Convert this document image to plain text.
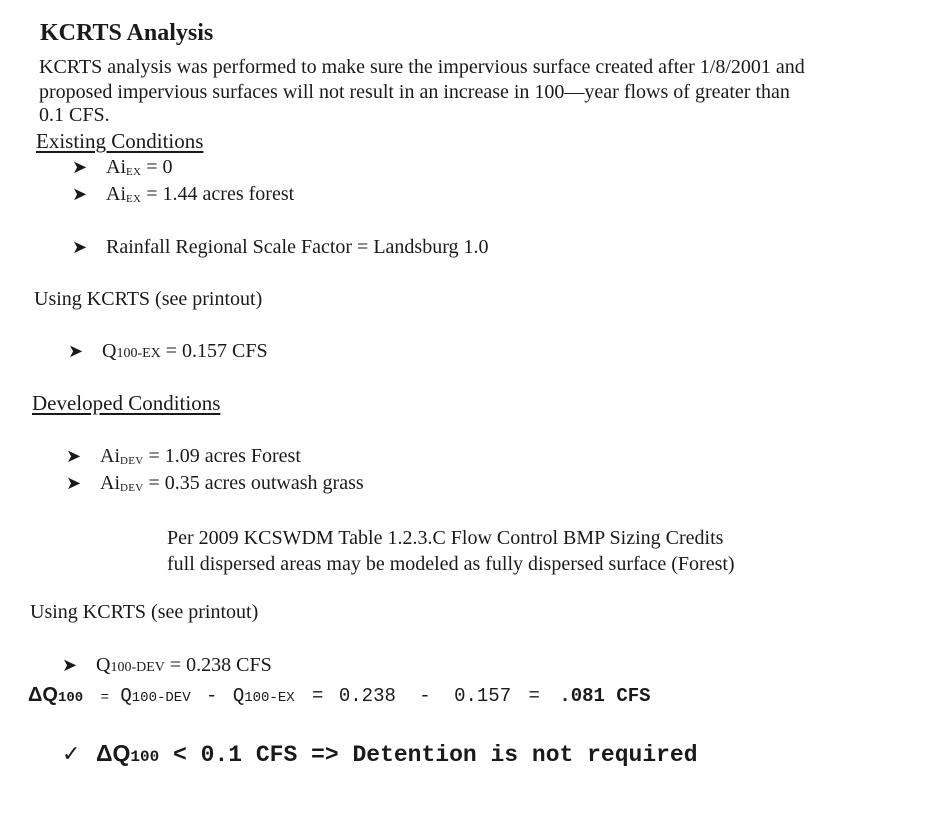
KCRTS Analysis
KCRTS analysis was performed to make sure the impervious surface created after 1/8/2001 and
proposed impervious surfaces will not result in an increase in 100—year flows of greater than
0.1 CFS.
Existing Conditions
➤ AiEX = 0
➤ AiEX = 1.44 acres forest
➤ Rainfall Regional Scale Factor = Landsburg 1.0
Using KCRTS (see printout)
➤ Q100-EX = 0.157 CFS
Developed Conditions
➤ AiDEV = 1.09 acres Forest
➤ AiDEV = 0.35 acres outwash grass
Per 2009 KCSWDM Table 1.2.3.C Flow Control BMP Sizing Credits
full dispersed areas may be modeled as fully dispersed surface (Forest)
Using KCRTS (see printout)
➤ Q100-DEV = 0.238 CFS
ΔQ100 = Q100-DEV - Q100-EX = 0.238 - 0.157 = .081 CFS
✓ ΔQ100 < 0.1 CFS => Detention is not required
